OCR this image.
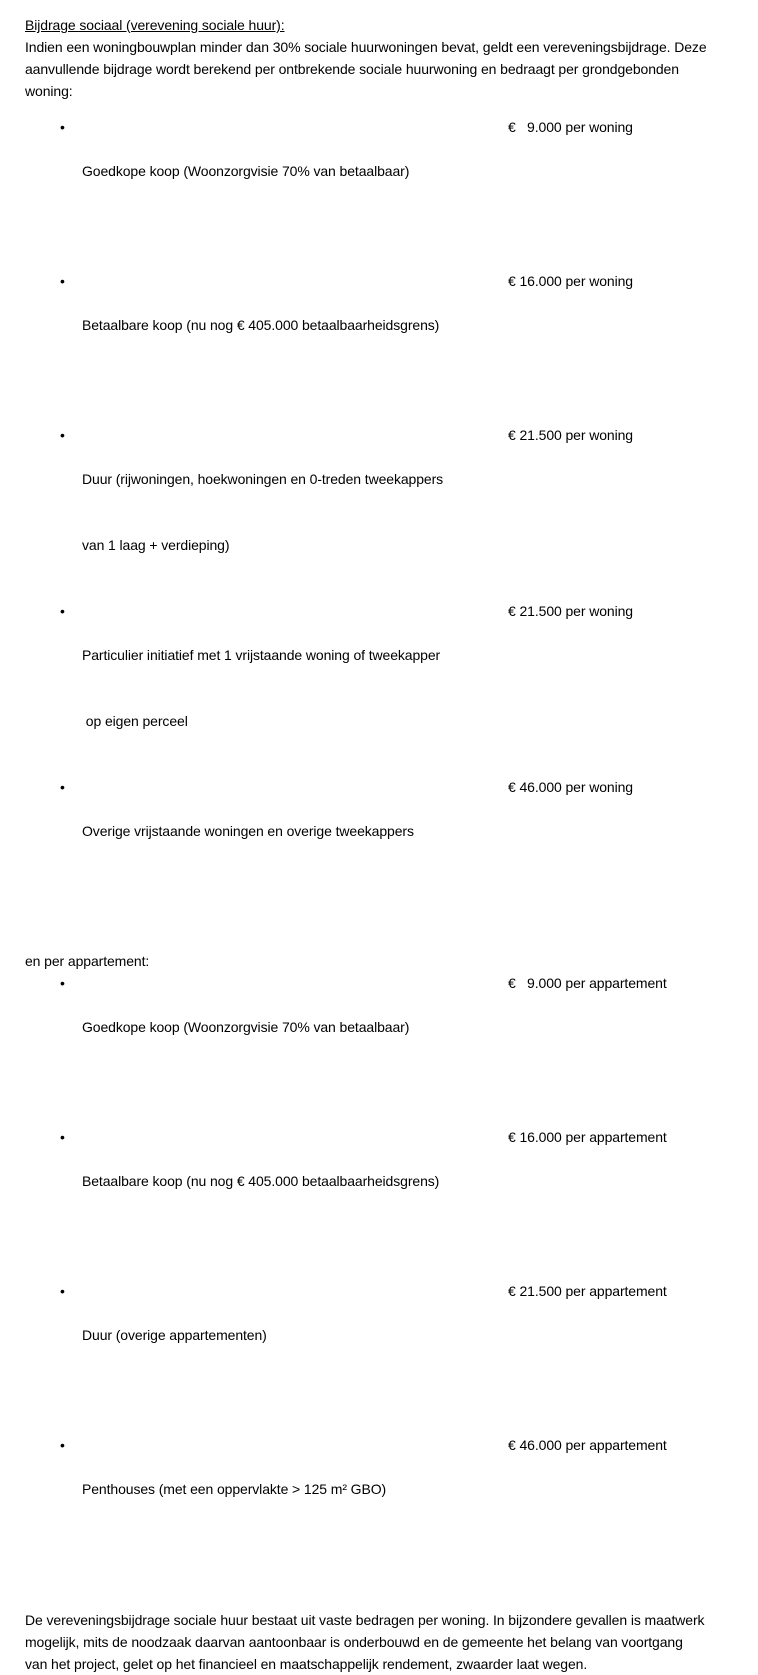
Bijdrage sociaal (verevening sociale huur):
Indien een woningbouwplan minder dan 30% sociale huurwoningen bevat, geldt een vereveningsbijdrage. Deze
aanvullende bijdrage wordt berekend per ontbrekende sociale huurwoning en bedraagt per grondgebonden
woning:
•

Goedkope koop (Woonzorgvisie 70% van betaalbaar)

€   9.000 per woning
•

Betaalbare koop (nu nog € 405.000 betaalbaarheidsgrens)

€ 16.000 per woning
•

Duur (rijwoningen, hoekwoningen en 0-treden tweekappers

van 1 laag + verdieping)

€ 21.500 per woning
•

Particulier initiatief met 1 vrijstaande woning of tweekapper

op eigen perceel

€ 21.500 per woning
•

Overige vrijstaande woningen en overige tweekappers

€ 46.000 per woning
en per appartement:
•

Goedkope koop (Woonzorgvisie 70% van betaalbaar)

€   9.000 per appartement
•

Betaalbare koop (nu nog € 405.000 betaalbaarheidsgrens)

€ 16.000 per appartement
•

Duur (overige appartementen)

€ 21.500 per appartement
•

Penthouses (met een oppervlakte > 125 m² GBO)

€ 46.000 per appartement
De vereveningsbijdrage sociale huur bestaat uit vaste bedragen per woning. In bijzondere gevallen is maatwerk
mogelijk, mits de noodzaak daarvan aantoonbaar is onderbouwd en de gemeente het belang van voortgang
van het project, gelet op het financieel en maatschappelijk rendement, zwaarder laat wegen.
